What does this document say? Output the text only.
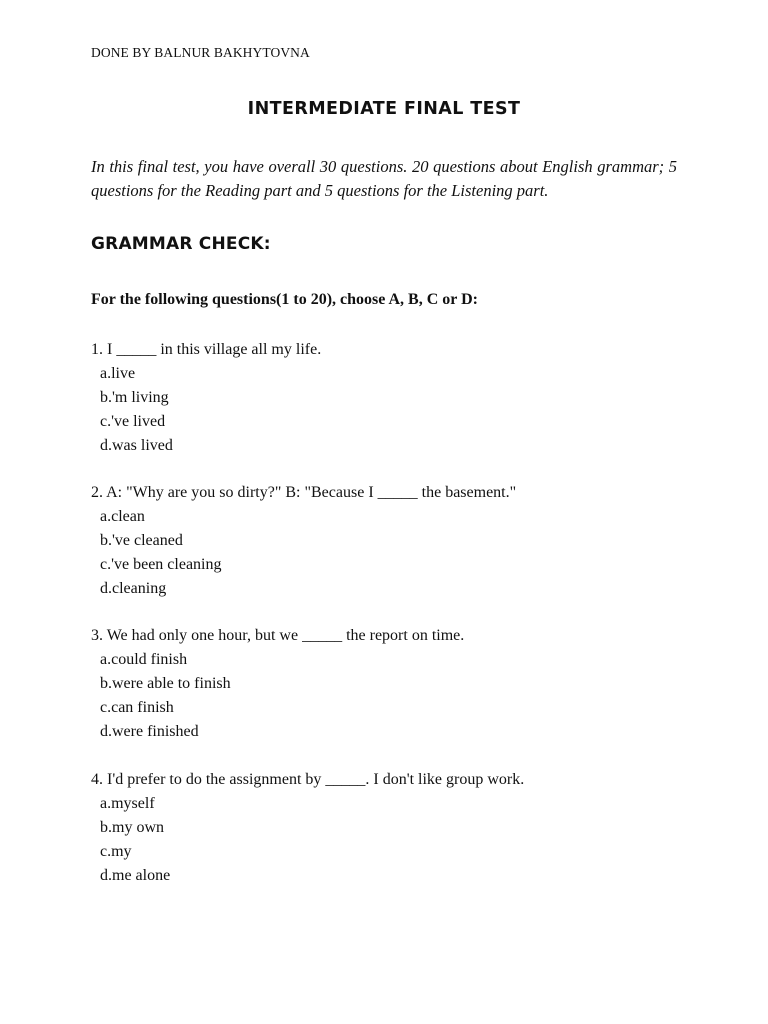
DONE BY BALNUR BAKHYTOVNA
INTERMEDIATE FINAL TEST
In this final test, you have overall 30 questions. 20 questions about English grammar; 5 questions for the Reading part and 5 questions for the Listening part.
GRAMMAR CHECK:
For the following questions(1 to 20), choose A, B, C or D:
1. I _____ in this village all my life.
a.live
b.'m living
c.'ve lived
d.was lived
2. A: "Why are you so dirty?" B: "Because I _____ the basement."
a.clean
b.'ve cleaned
c.'ve been cleaning
d.cleaning
3. We had only one hour, but we _____ the report on time.
a.could finish
b.were able to finish
c.can finish
d.were finished
4. I'd prefer to do the assignment by _____. I don't like group work.
a.myself
b.my own
c.my
d.me alone
